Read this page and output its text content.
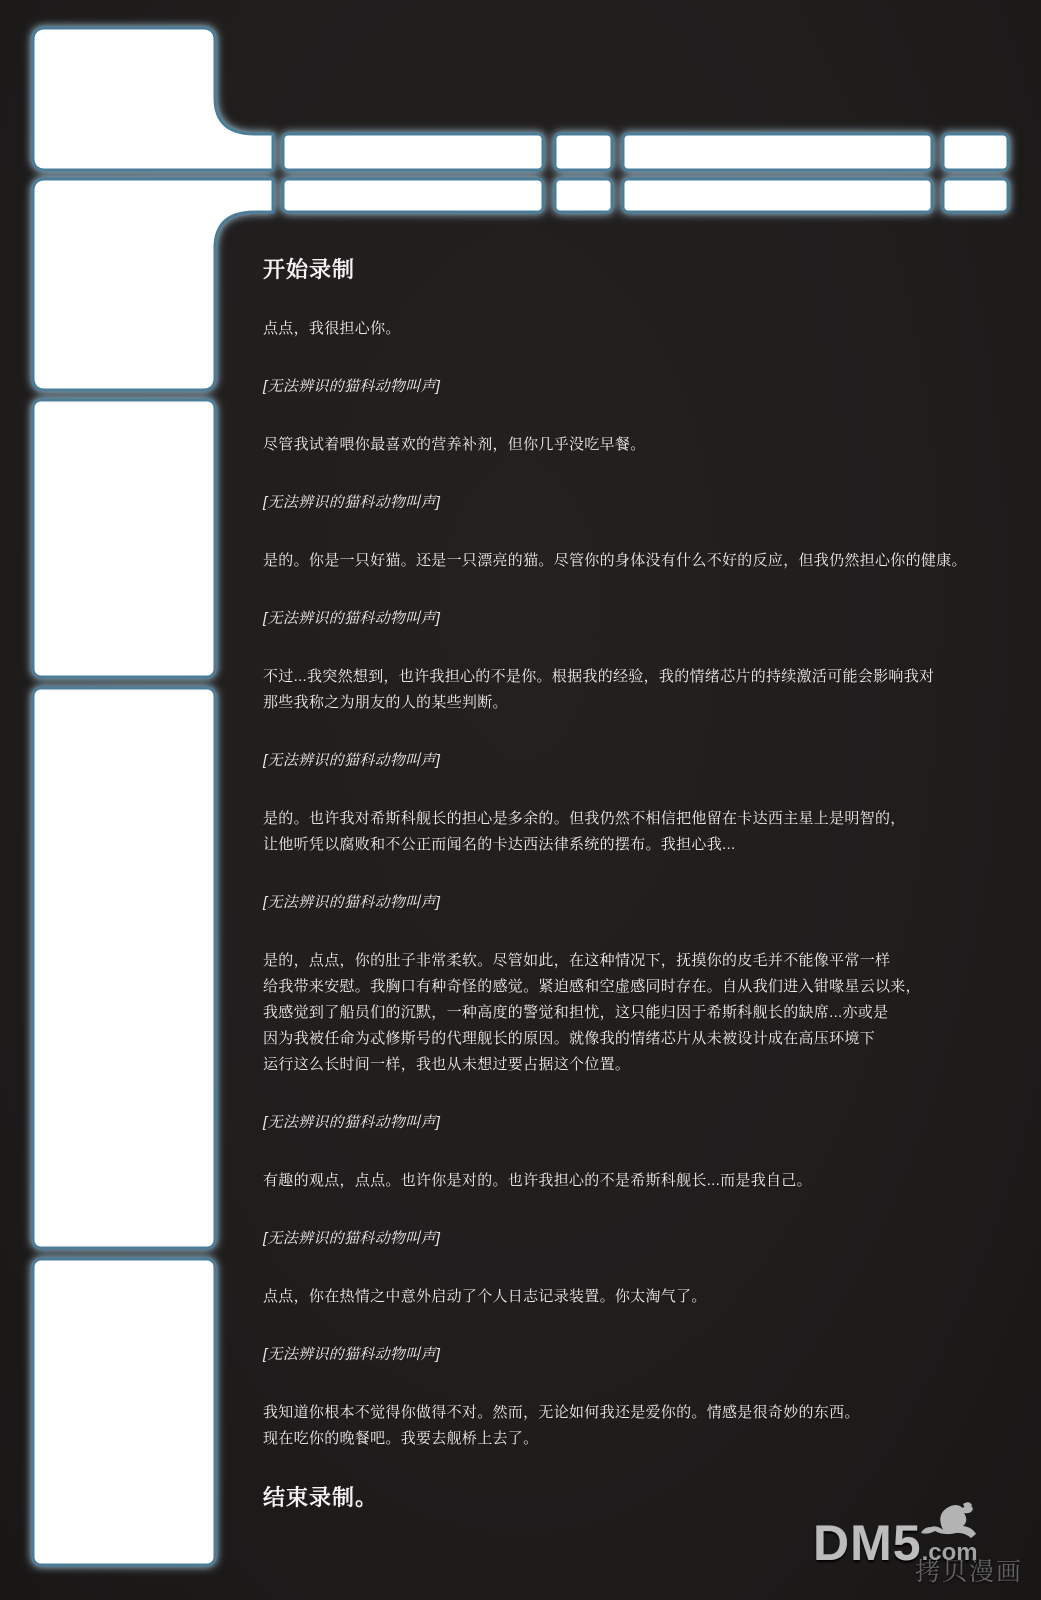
开始录制

点点，我很担心你。

[无法辨识的猫科动物叫声]

尽管我试着喂你最喜欢的营养补剂，但你几乎没吃早餐。

[无法辨识的猫科动物叫声]

是的。你是一只好猫。还是一只漂亮的猫。尽管你的身体没有什么不好的反应，但我仍然担心你的健康。

[无法辨识的猫科动物叫声]

不过...我突然想到，也许我担心的不是你。根据我的经验，我的情绪芯片的持续激活可能会影响我对
那些我称之为朋友的人的某些判断。

[无法辨识的猫科动物叫声]

是的。也许我对希斯科舰长的担心是多余的。但我仍然不相信把他留在卡达西主星上是明智的，
让他听凭以腐败和不公正而闻名的卡达西法律系统的摆布。我担心我...

[无法辨识的猫科动物叫声]

是的，点点，你的肚子非常柔软。尽管如此，在这种情况下，抚摸你的皮毛并不能像平常一样
给我带来安慰。我胸口有种奇怪的感觉。紧迫感和空虚感同时存在。自从我们进入钳喙星云以来，
我感觉到了船员们的沉默，一种高度的警觉和担忧，这只能归因于希斯科舰长的缺席...亦或是
因为我被任命为忒修斯号的代理舰长的原因。就像我的情绪芯片从未被设计成在高压环境下
运行这么长时间一样，我也从未想过要占据这个位置。

[无法辨识的猫科动物叫声]

有趣的观点，点点。也许你是对的。也许我担心的不是希斯科舰长...而是我自己。

[无法辨识的猫科动物叫声]

点点，你在热情之中意外启动了个人日志记录装置。你太淘气了。

[无法辨识的猫科动物叫声]

我知道你根本不觉得你做得不对。然而，无论如何我还是爱你的。情感是很奇妙的东西。
现在吃你的晚餐吧。我要去舰桥上去了。

结束录制。

DM5.com
拷贝漫画
